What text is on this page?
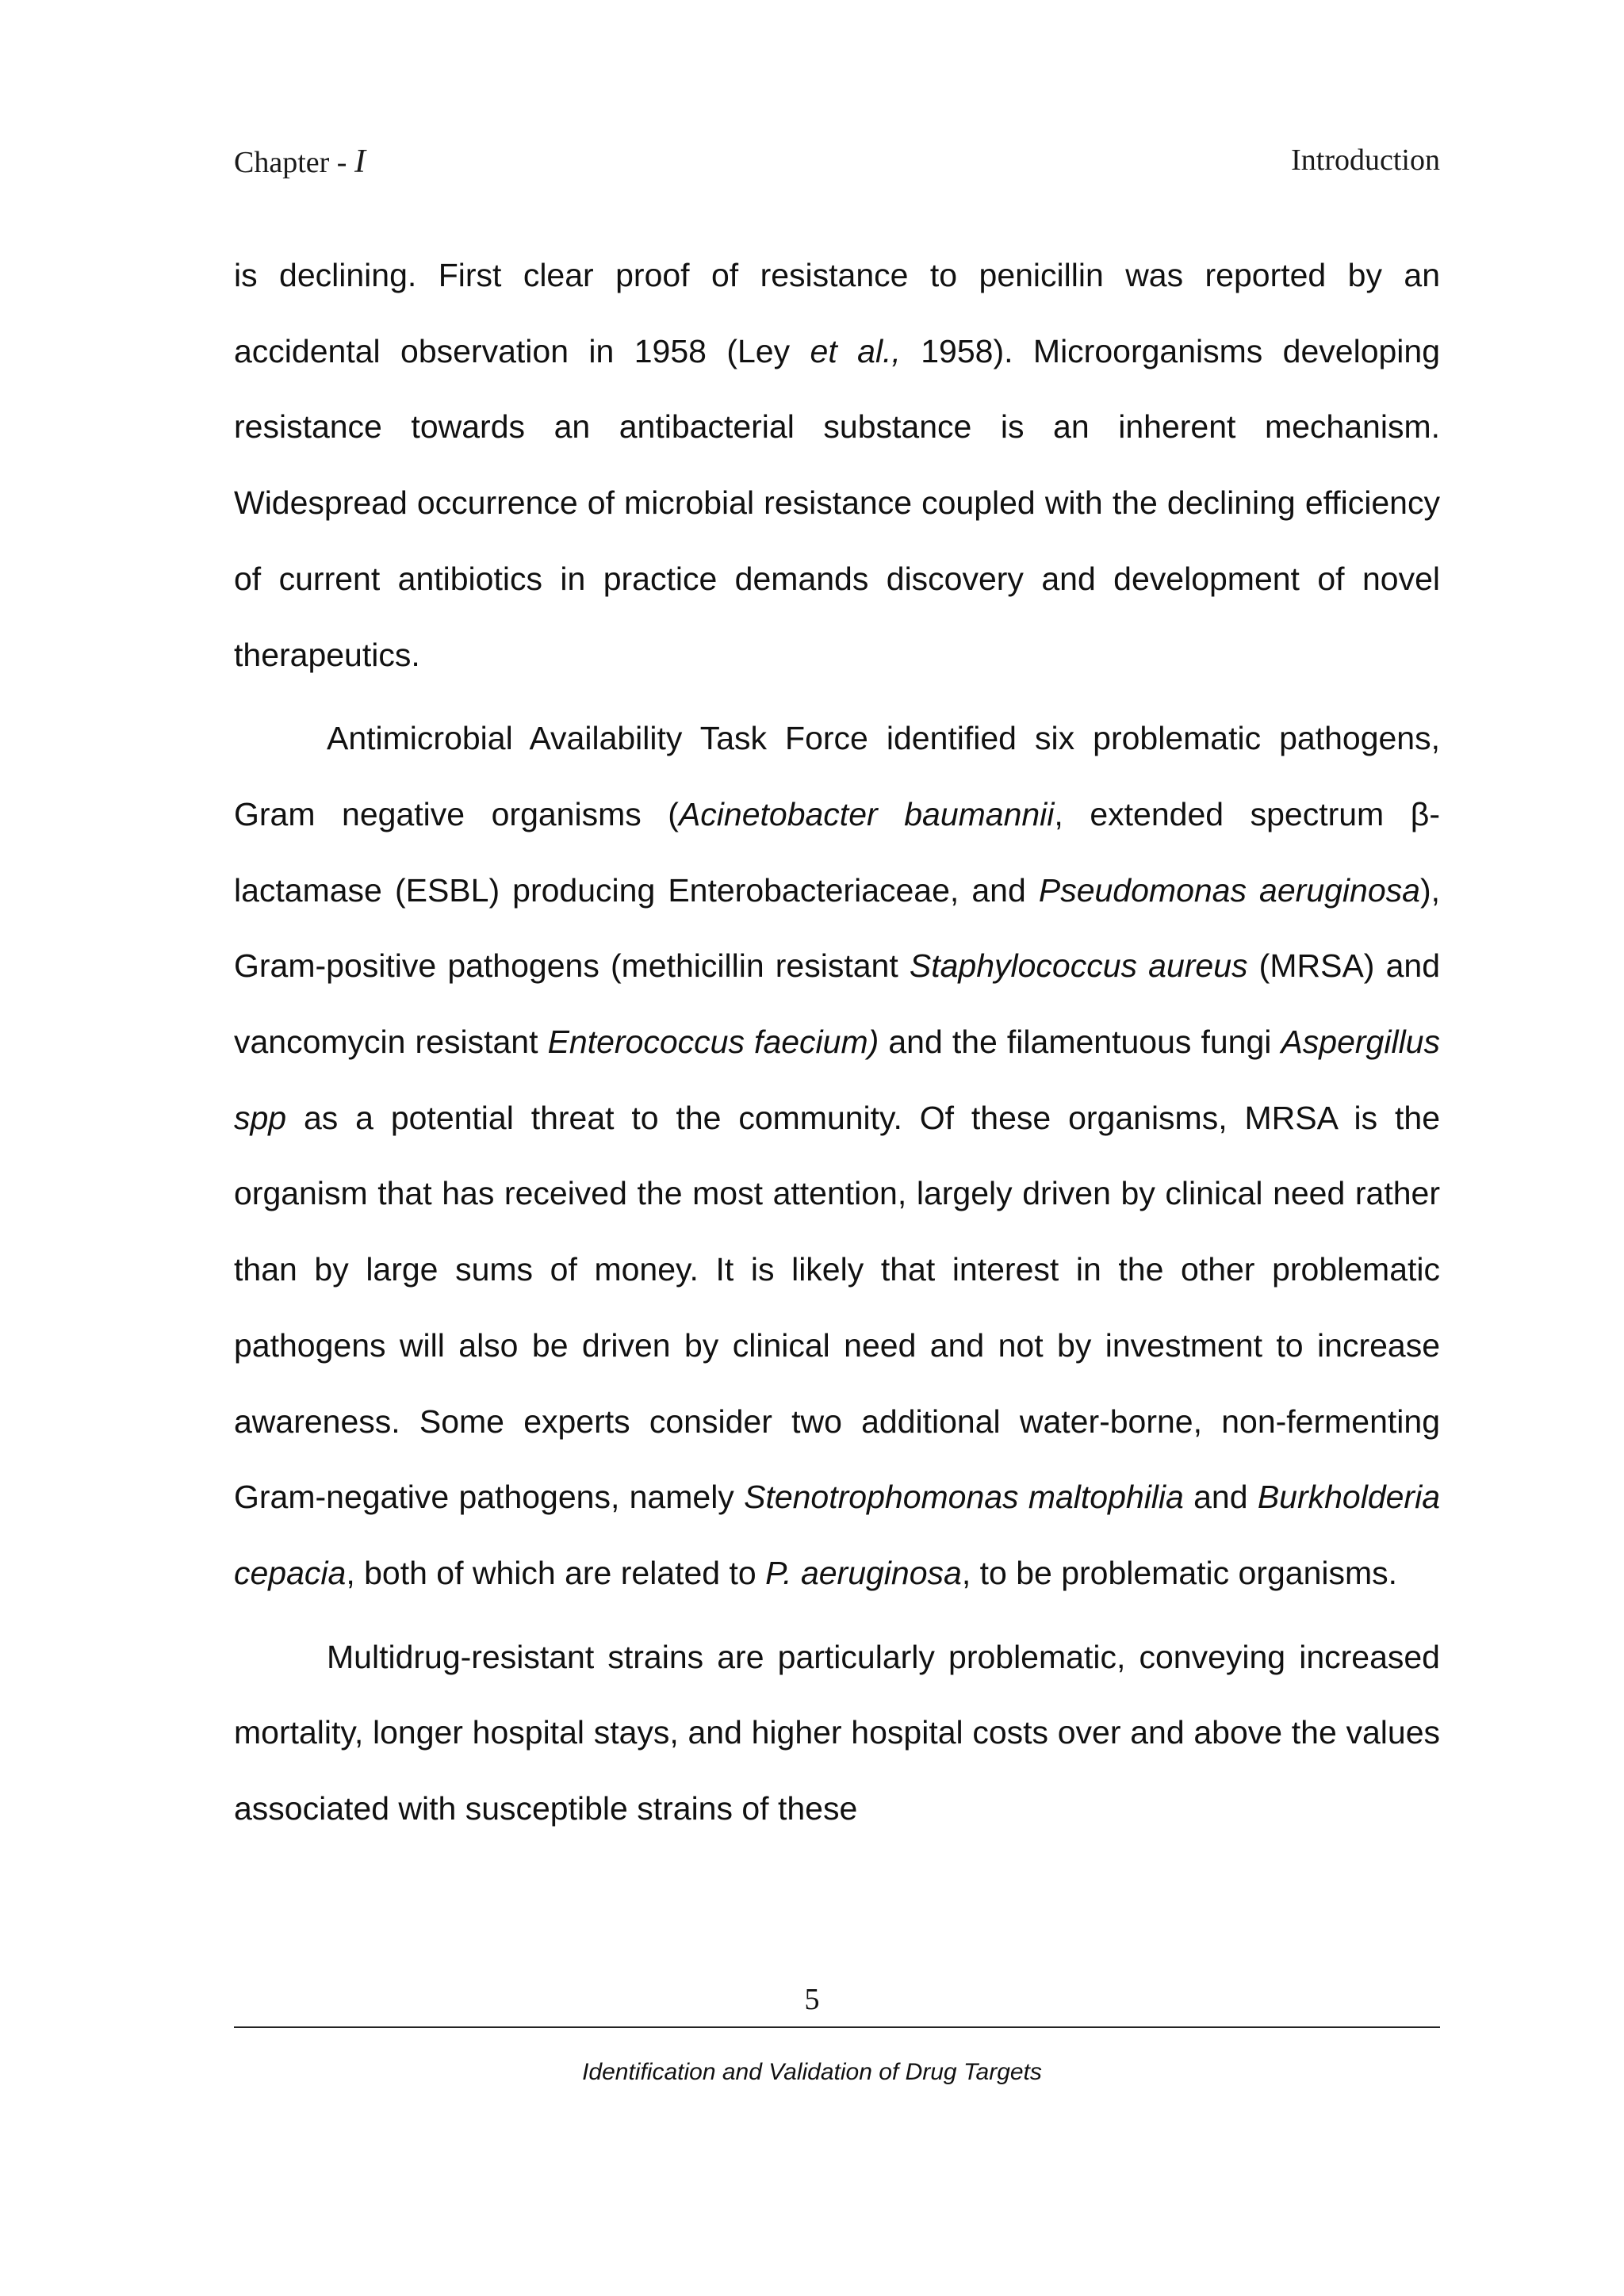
Chapter - I	Introduction

is declining. First clear proof of resistance to penicillin was reported by an accidental observation in 1958 (Ley et al., 1958). Microorganisms developing resistance towards an antibacterial substance is an inherent mechanism. Widespread occurrence of microbial resistance coupled with the declining efficiency of current antibiotics in practice demands discovery and development of novel therapeutics.

Antimicrobial Availability Task Force identified six problematic pathogens, Gram negative organisms (Acinetobacter baumannii, extended spectrum β-lactamase (ESBL) producing Enterobacteriaceae, and Pseudomonas aeruginosa), Gram-positive pathogens (methicillin resistant Staphylococcus aureus (MRSA) and vancomycin resistant Enterococcus faecium) and the filamentuous fungi Aspergillus spp as a potential threat to the community. Of these organisms, MRSA is the organism that has received the most attention, largely driven by clinical need rather than by large sums of money. It is likely that interest in the other problematic pathogens will also be driven by clinical need and not by investment to increase awareness. Some experts consider two additional water-borne, non-fermenting Gram-negative pathogens, namely Stenotrophomonas maltophilia and Burkholderia cepacia, both of which are related to P. aeruginosa, to be problematic organisms.

Multidrug-resistant strains are particularly problematic, conveying increased mortality, longer hospital stays, and higher hospital costs over and above the values associated with susceptible strains of these

5
Identification and Validation of Drug Targets
